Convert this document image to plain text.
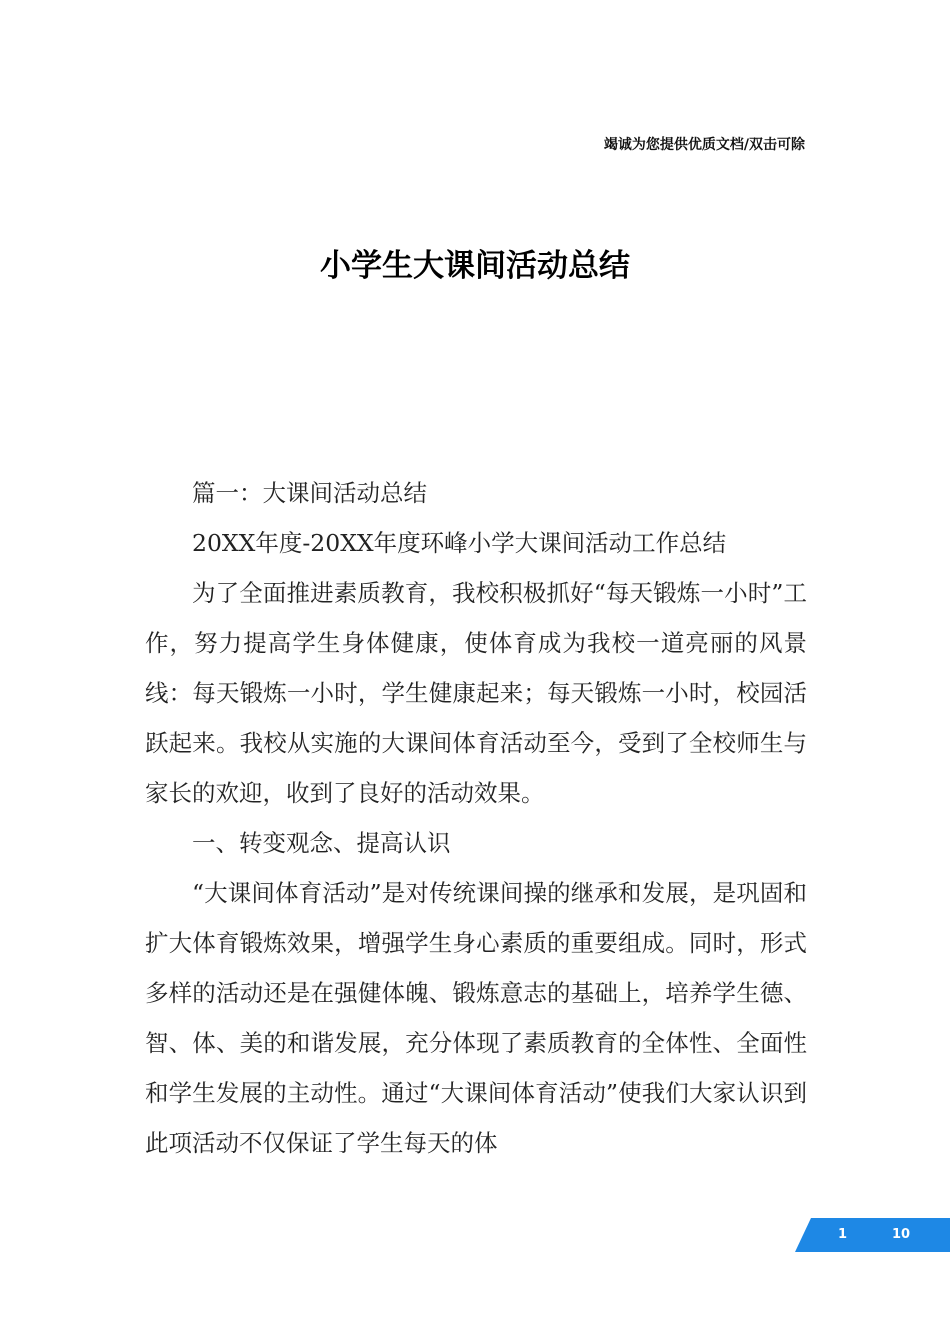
竭诚为您提供优质文档/双击可除
小学生大课间活动总结

篇一：大课间活动总结

20XX年度-20XX年度环峰小学大课间活动工作总结

为了全面推进素质教育，我校积极抓好“每天锻炼一小时”工作，努力提高学生身体健康，使体育成为我校一道亮丽的风景线：每天锻炼一小时，学生健康起来；每天锻炼一小时，校园活跃起来。我校从实施的大课间体育活动至今，受到了全校师生与家长的欢迎，收到了良好的活动效果。

一、转变观念、提高认识

“大课间体育活动”是对传统课间操的继承和发展，是巩固和扩大体育锻炼效果，增强学生身心素质的重要组成。同时，形式多样的活动还是在强健体魄、锻炼意志的基础上，培养学生德、智、体、美的和谐发展，充分体现了素质教育的全体性、全面性和学生发展的主动性。通过“大课间体育活动”使我们大家认识到此项活动不仅保证了学生每天的体

1	10
